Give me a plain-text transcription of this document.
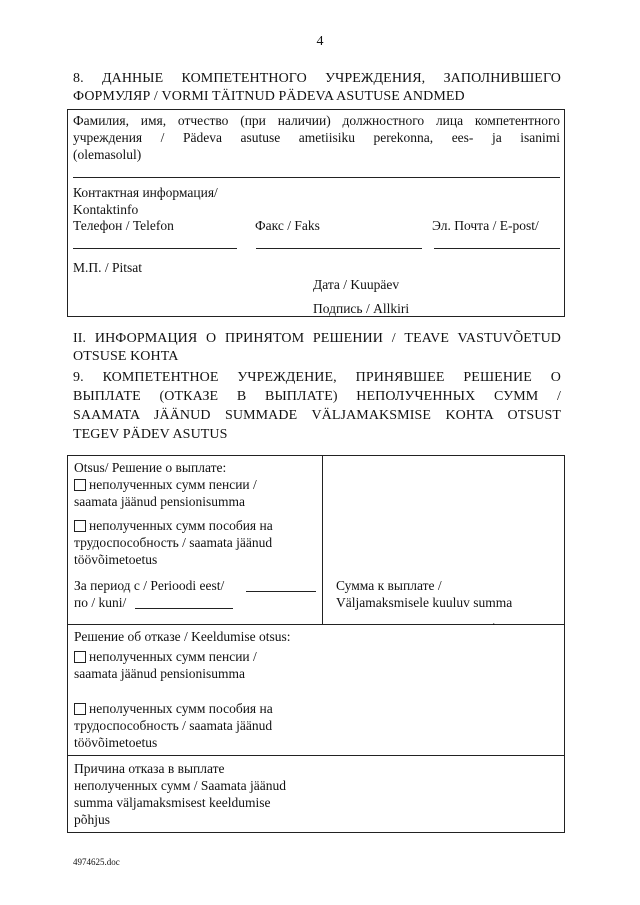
4
8. ДАННЫЕ КОМПЕТЕНТНОГО УЧРЕЖДЕНИЯ, ЗАПОЛНИВШЕГО
ФОРМУЛЯР / VORMI TÄITNUD PÄDEVA ASUTUSE ANDMED
Фамилия, имя, отчество (при наличии) должностного лица компетентного
учреждения / Pädeva asutuse ametiisiku perekonna, ees- ja isanimi
(olemasolul)
Контактная информация/
Kontaktinfo
Телефон / Telefon	Факс / Faks	Эл. Почта / E-post/
М.П. / Pitsat
Дата / Kuupäev
Подпись / Allkiri
II. ИНФОРМАЦИЯ О ПРИНЯТОМ РЕШЕНИИ / TEAVE VASTUVÕETUD
OTSUSE KOHTA
9. КОМПЕТЕНТНОЕ УЧРЕЖДЕНИЕ, ПРИНЯВШЕЕ РЕШЕНИЕ О
ВЫПЛАТЕ (ОТКАЗЕ В ВЫПЛАТЕ) НЕПОЛУЧЕННЫХ СУММ /
SAAMATA JÄÄNUD SUMMADE VÄLJAMAKSMISE KOHTA OTSUST
TEGEV PÄDEV ASUTUS
Otsus/ Решение о выплате:
неполученных сумм пенсии /
saamata jäänud pensionisumma
неполученных сумм пособия на
трудоспособность / saamata jäänud
töövõimetoetus
За период с / Perioodi eest/
по / kuni/
Сумма к выплате /
Väljamaksmisele kuuluv summa
.
Решение об отказе / Keeldumise otsus:
неполученных сумм пенсии /
saamata jäänud pensionisumma
неполученных сумм пособия на
трудоспособность / saamata jäänud
töövõimetoetus
Причина отказа в выплате
неполученных сумм / Saamata jäänud
summa väljamaksmisest keeldumise
põhjus
4974625.doc
